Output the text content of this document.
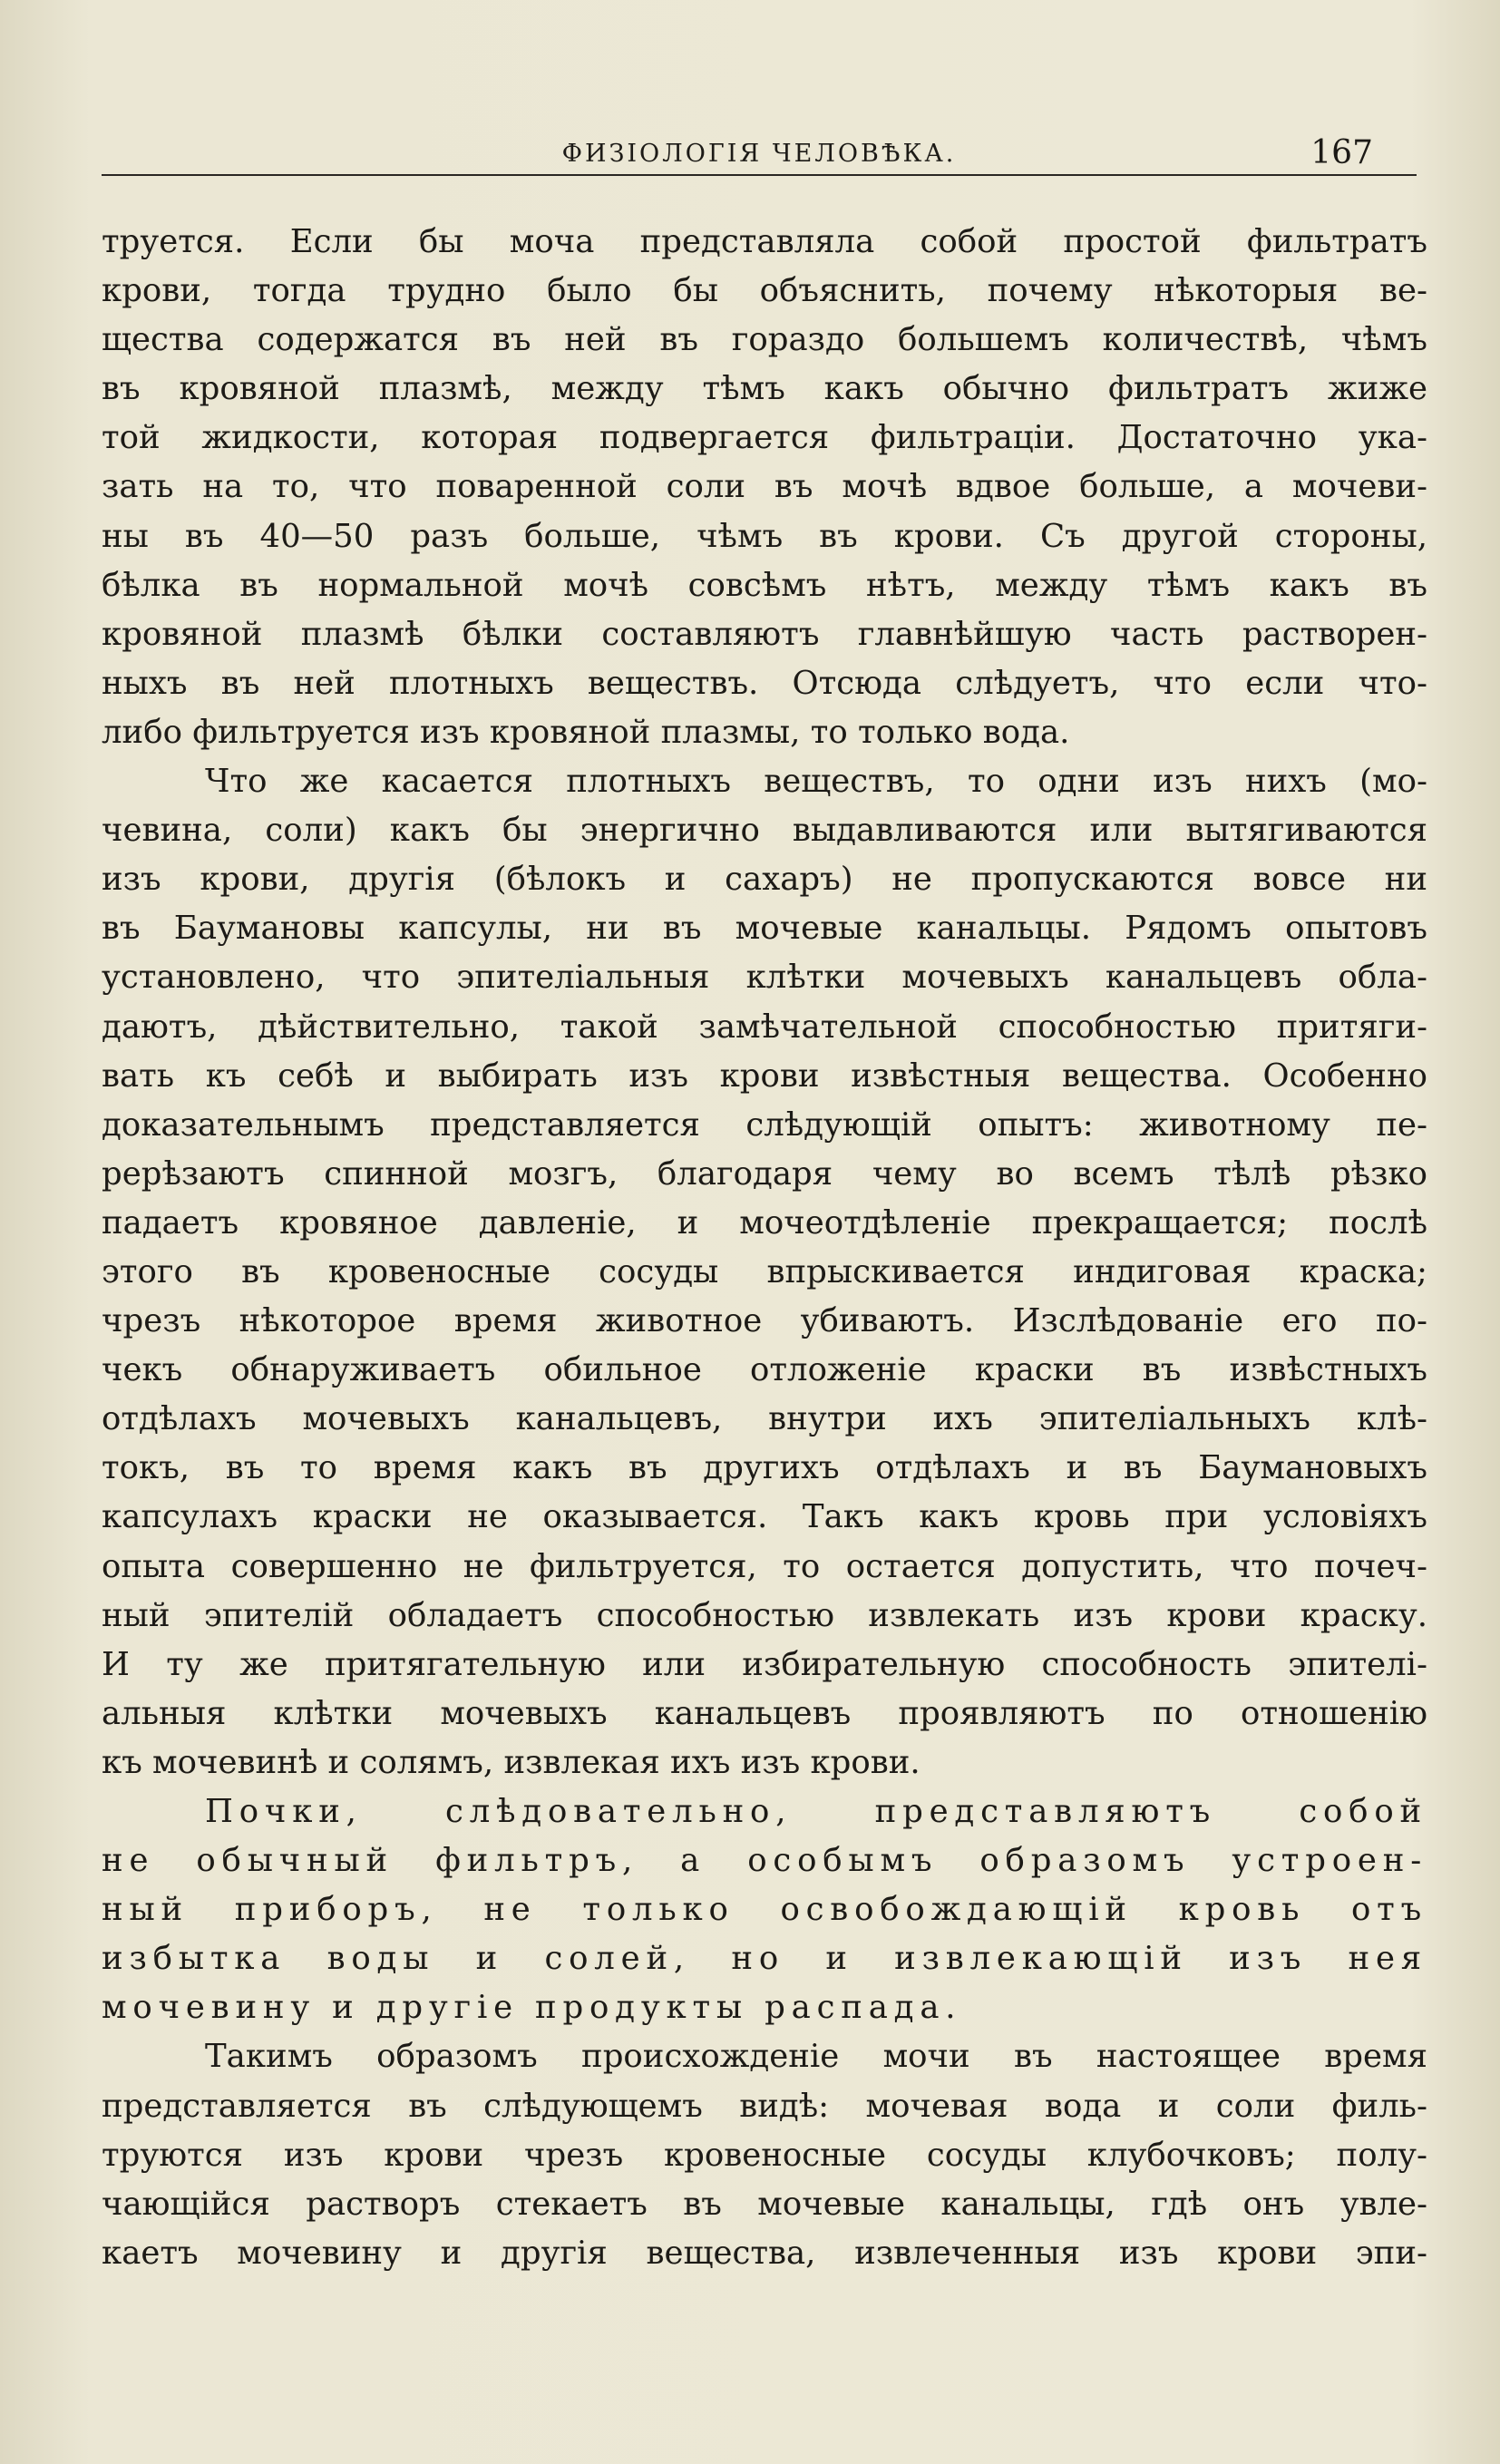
ФИЗIОЛОГIЯ ЧЕЛОВѢКА.	167

труется. Если бы моча представляла собой простой фильтратъ

крови, тогда трудно было бы объяснить, почему нѣкоторыя ве-

щества содержатся въ ней въ гораздо большемъ количествѣ, чѣмъ

въ кровяной плазмѣ, между тѣмъ какъ обычно фильтратъ жиже

той жидкости, которая подвергается фильтрацiи. Достаточно ука-

зать на то, что поваренной соли въ мочѣ вдвое больше, а мочеви-

ны въ 40—50 разъ больше, чѣмъ въ крови. Съ другой стороны,

бѣлка въ нормальной мочѣ совсѣмъ нѣтъ, между тѣмъ какъ въ

кровяной плазмѣ бѣлки составляютъ главнѣйшую часть растворен-

ныхъ въ ней плотныхъ веществъ. Отсюда слѣдуетъ, что если что-

либо фильтруется изъ кровяной плазмы, то только вода.

Что же касается плотныхъ веществъ, то одни изъ нихъ (мо-

чевина, соли) какъ бы энергично выдавливаются или вытягиваются

изъ крови, другiя (бѣлокъ и сахаръ) не пропускаются вовсе ни

въ Баумановы капсулы, ни въ мочевые канальцы. Рядомъ опытовъ

установлено, что эпителiальныя клѣтки мочевыхъ канальцевъ обла-

даютъ, дѣйствительно, такой замѣчательной способностью притяги-

вать къ себѣ и выбирать изъ крови извѣстныя вещества. Особенно

доказательнымъ представляется слѣдующiй опытъ: животному пе-

рерѣзаютъ спинной мозгъ, благодаря чему во всемъ тѣлѣ рѣзко

падаетъ кровяное давленiе, и мочеотдѣленiе прекращается; послѣ

этого въ кровеносные сосуды впрыскивается индиговая краска;

чрезъ нѣкоторое время животное убиваютъ. Изслѣдованiе его по-

чекъ обнаруживаетъ обильное отложенiе краски въ извѣстныхъ

отдѣлахъ мочевыхъ канальцевъ, внутри ихъ эпителiальныхъ клѣ-

токъ, въ то время какъ въ другихъ отдѣлахъ и въ Баумановыхъ

капсулахъ краски не оказывается. Такъ какъ кровь при условiяхъ

опыта совершенно не фильтруется, то остается допустить, что почеч-

ный эпителiй обладаетъ способностью извлекать изъ крови краску.

И ту же притягательную или избирательную способность эпителi-

альныя клѣтки мочевыхъ канальцевъ проявляютъ по отношенiю

къ мочевинѣ и солямъ, извлекая ихъ изъ крови.

Почки, слѣдовательно, представляютъ собой

не обычный фильтръ, а особымъ образомъ устроен-

ный приборъ, не только освобождающiй кровь отъ

избытка воды и солей, но и извлекающiй изъ нея

мочевину и другiе продукты распада.

Такимъ образомъ происхожденiе мочи въ настоящее время

представляется въ слѣдующемъ видѣ: мочевая вода и соли филь-

труются изъ крови чрезъ кровеносные сосуды клубочковъ; полу-

чающiйся растворъ стекаетъ въ мочевые канальцы, гдѣ онъ увле-

каетъ мочевину и другiя вещества, извлеченныя изъ крови эпи-
